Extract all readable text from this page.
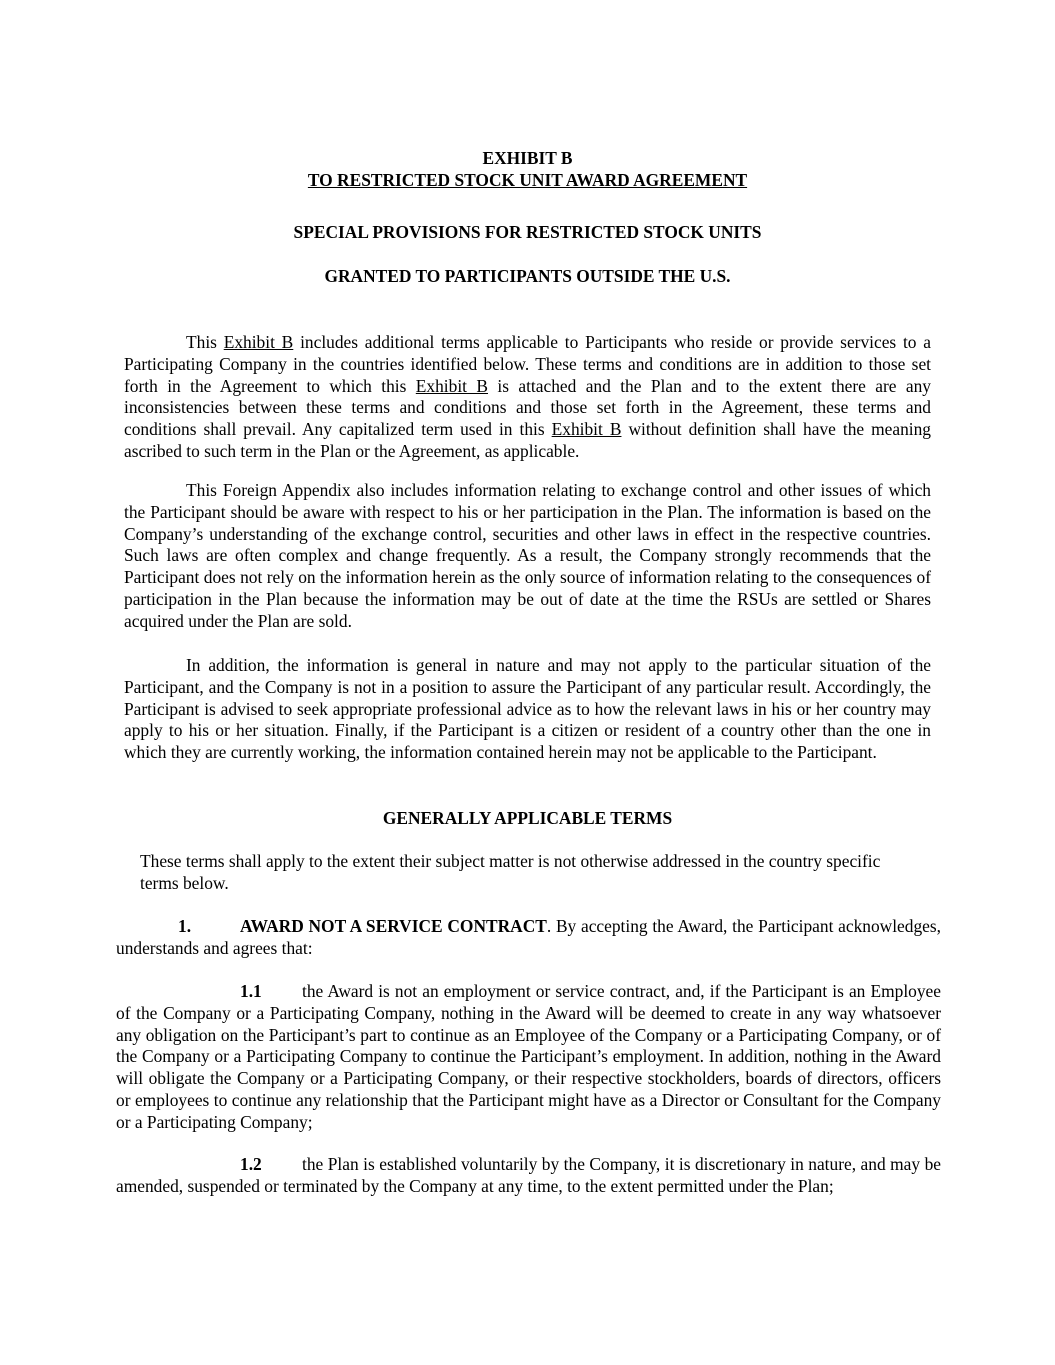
EXHIBIT B
TO RESTRICTED STOCK UNIT AWARD AGREEMENT

SPECIAL PROVISIONS FOR RESTRICTED STOCK UNITS

GRANTED TO PARTICIPANTS OUTSIDE THE U.S.

This Exhibit B includes additional terms applicable to Participants who reside or provide services to a Participating Company in the countries identified below. These terms and conditions are in addition to those set forth in the Agreement to which this Exhibit B is attached and the Plan and to the extent there are any inconsistencies between these terms and conditions and those set forth in the Agreement, these terms and conditions shall prevail. Any capitalized term used in this Exhibit B without definition shall have the meaning ascribed to such term in the Plan or the Agreement, as applicable.

This Foreign Appendix also includes information relating to exchange control and other issues of which the Participant should be aware with respect to his or her participation in the Plan. The information is based on the Company’s understanding of the exchange control, securities and other laws in effect in the respective countries. Such laws are often complex and change frequently. As a result, the Company strongly recommends that the Participant does not rely on the information herein as the only source of information relating to the consequences of participation in the Plan because the information may be out of date at the time the RSUs are settled or Shares acquired under the Plan are sold.

In addition, the information is general in nature and may not apply to the particular situation of the Participant, and the Company is not in a position to assure the Participant of any particular result. Accordingly, the Participant is advised to seek appropriate professional advice as to how the relevant laws in his or her country may apply to his or her situation. Finally, if the Participant is a citizen or resident of a country other than the one in which they are currently working, the information contained herein may not be applicable to the Participant.

GENERALLY APPLICABLE TERMS

These terms shall apply to the extent their subject matter is not otherwise addressed in the country specific terms below.

1.	AWARD NOT A SERVICE CONTRACT. By accepting the Award, the Participant acknowledges, understands and agrees that:

1.1 the Award is not an employment or service contract, and, if the Participant is an Employee of the Company or a Participating Company, nothing in the Award will be deemed to create in any way whatsoever any obligation on the Participant’s part to continue as an Employee of the Company or a Participating Company, or of the Company or a Participating Company to continue the Participant’s employment. In addition, nothing in the Award will obligate the Company or a Participating Company, or their respective stockholders, boards of directors, officers or employees to continue any relationship that the Participant might have as a Director or Consultant for the Company or a Participating Company;

1.2 the Plan is established voluntarily by the Company, it is discretionary in nature, and may be amended, suspended or terminated by the Company at any time, to the extent permitted under the Plan;
